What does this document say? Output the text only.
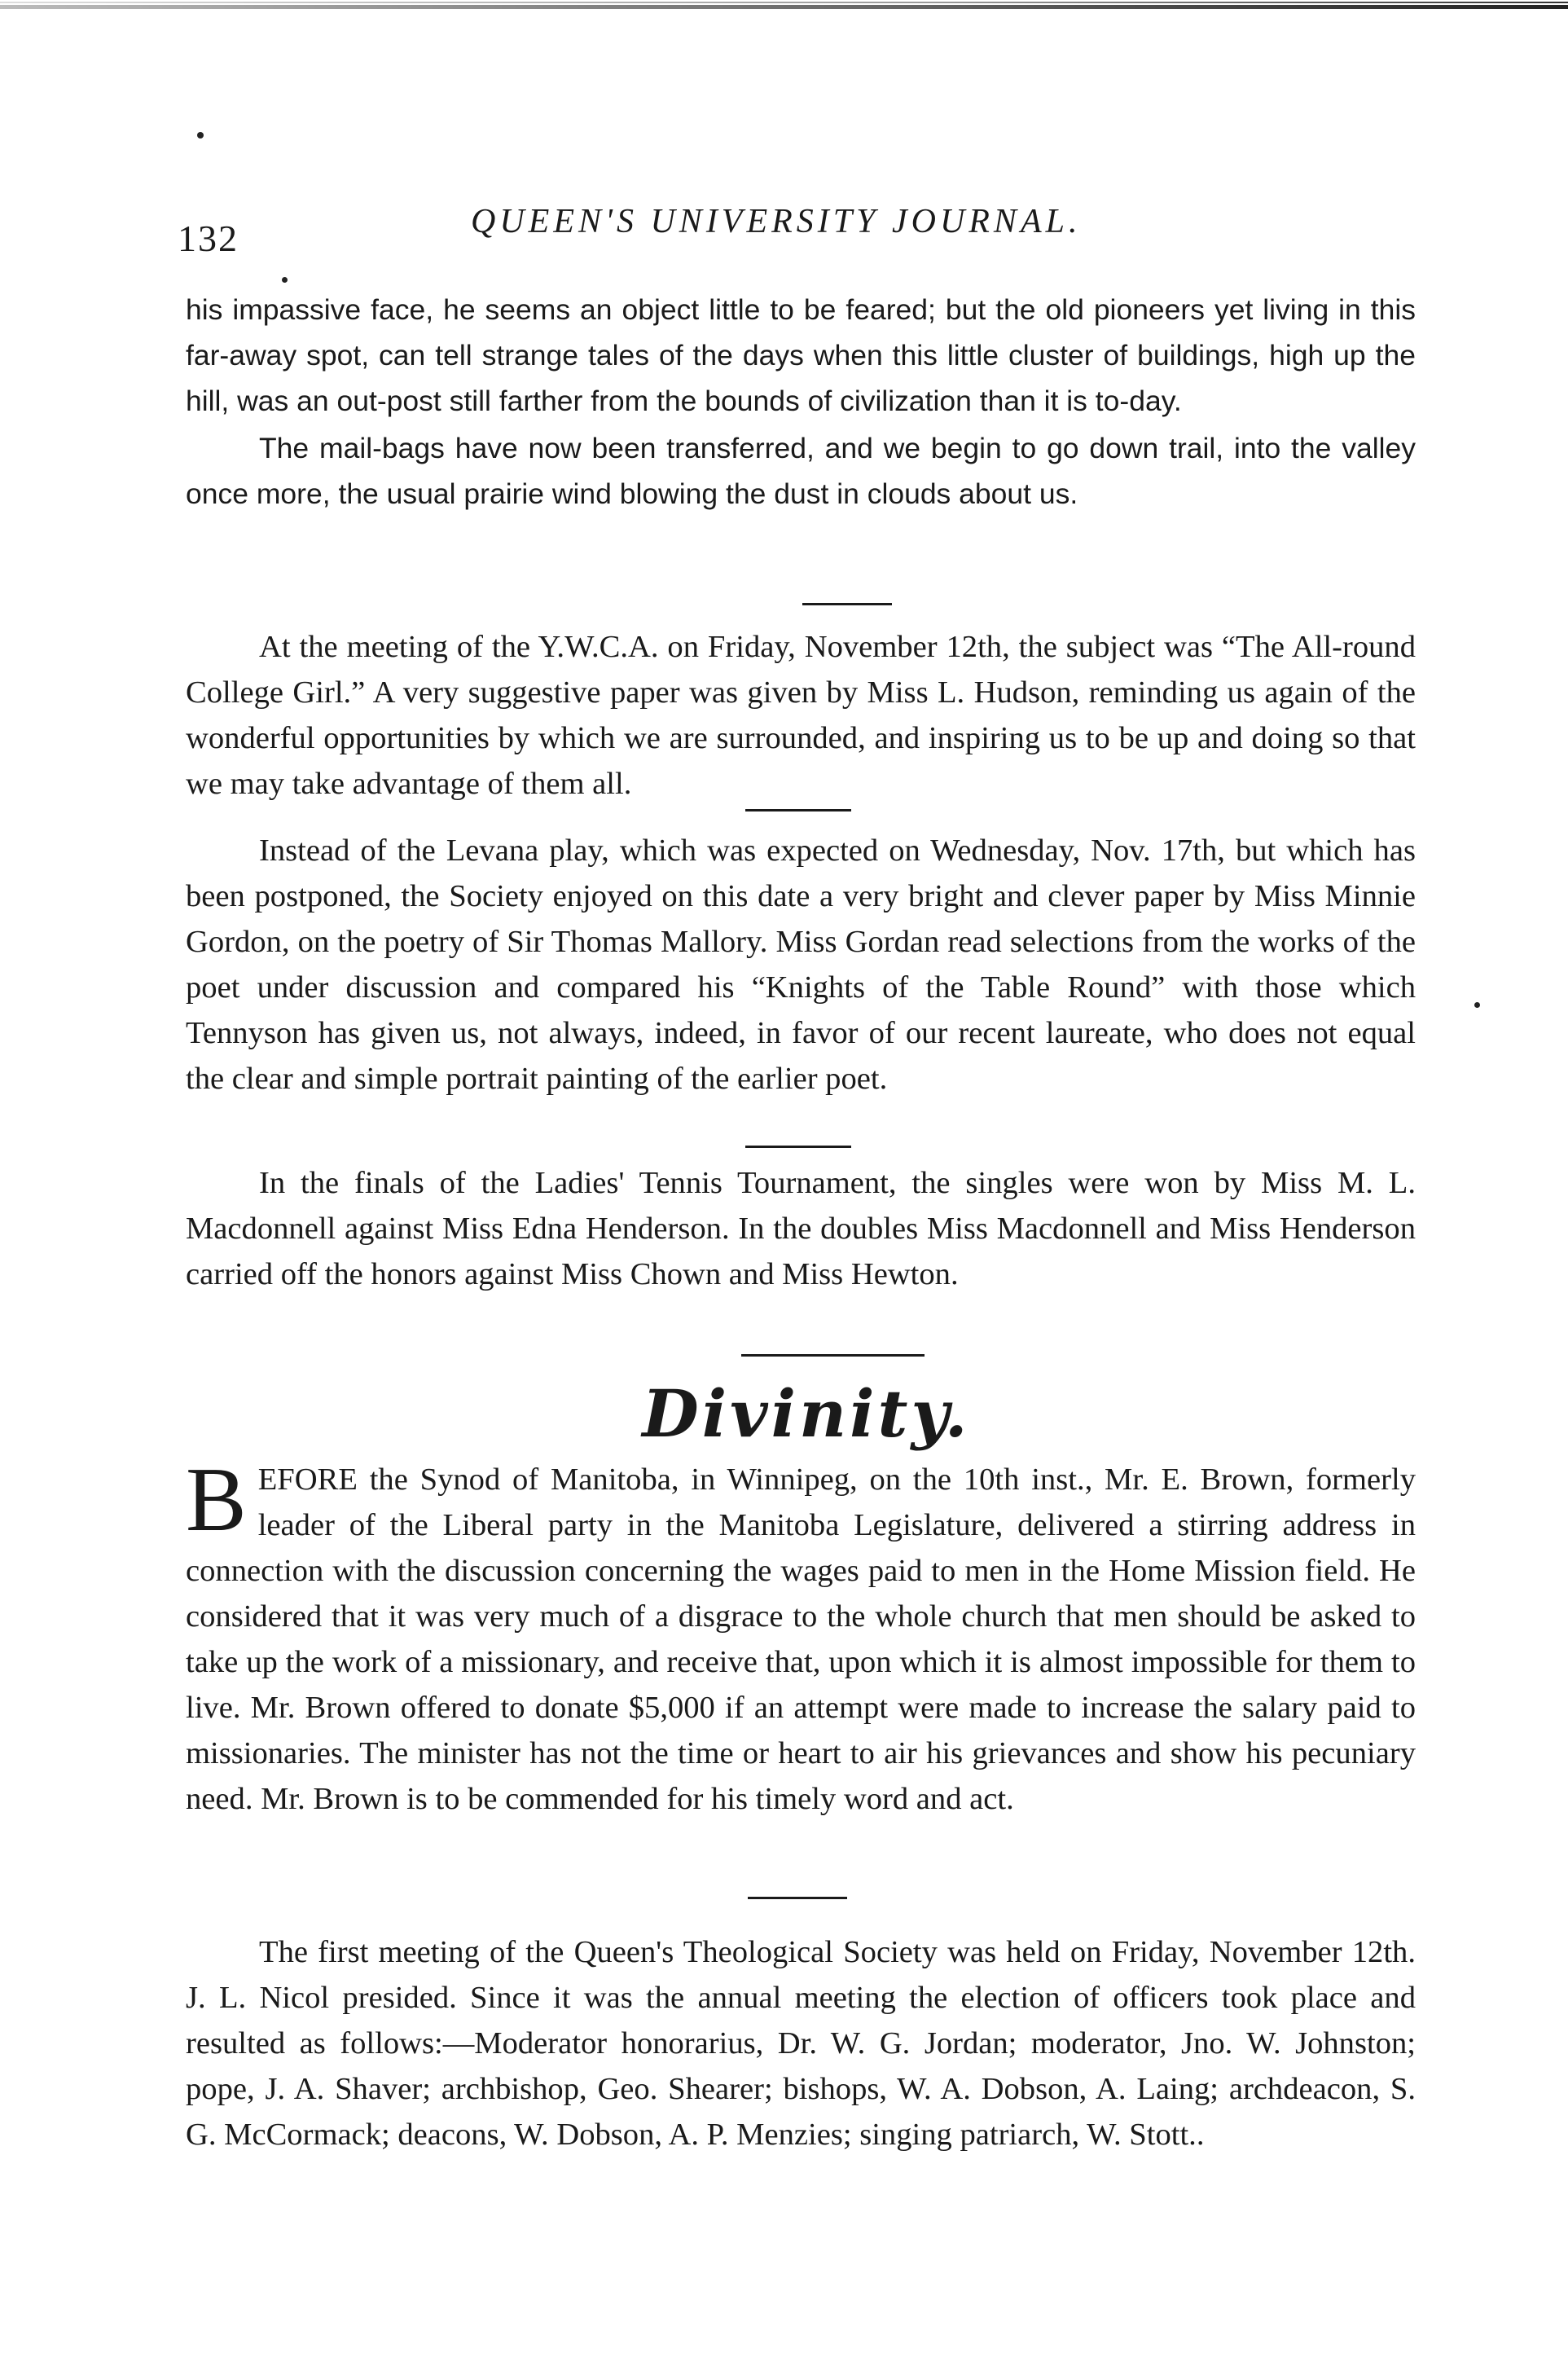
132	QUEEN'S UNIVERSITY JOURNAL.

his impassive face, he seems an object little to be feared; but the old pioneers yet living in this far-away spot, can tell strange tales of the days when this little cluster of buildings, high up the hill, was an out-post still farther from the bounds of civilization than it is to-day.

The mail-bags have now been transferred, and we begin to go down trail, into the valley once more, the usual prairie wind blowing the dust in clouds about us.

At the meeting of the Y.W.C.A. on Friday, November 12th, the subject was “The All-round College Girl.” A very suggestive paper was given by Miss L. Hudson, reminding us again of the wonderful opportunities by which we are surrounded, and inspiring us to be up and doing so that we may take advantage of them all.

Instead of the Levana play, which was expected on Wednesday, Nov. 17th, but which has been postponed, the Society enjoyed on this date a very bright and clever paper by Miss Minnie Gordon, on the poetry of Sir Thomas Mallory. Miss Gordan read selections from the works of the poet under discussion and compared his “Knights of the Table Round” with those which Tennyson has given us, not always, indeed, in favor of our recent laureate, who does not equal the clear and simple portrait painting of the earlier poet.

In the finals of the Ladies' Tennis Tournament, the singles were won by Miss M. L. Macdonnell against Miss Edna Henderson. In the doubles Miss Macdonnell and Miss Henderson carried off the honors against Miss Chown and Miss Hewton.

Divinity.
B EFORE the Synod of Manitoba, in Winnipeg, on the 10th inst., Mr. E. Brown, formerly leader of the Liberal party in the Manitoba Legislature, delivered a stirring address in connection with the discussion concerning the wages paid to men in the Home Mission field. He considered that it was very much of a disgrace to the whole church that men should be asked to take up the work of a missionary, and receive that, upon which it is almost impossible for them to live. Mr. Brown offered to donate $5,000 if an attempt were made to increase the salary paid to missionaries. The minister has not the time or heart to air his grievances and show his pecuniary need. Mr. Brown is to be commended for his timely word and act.

The first meeting of the Queen's Theological Society was held on Friday, November 12th. J. L. Nicol presided. Since it was the annual meeting the election of officers took place and resulted as follows:—Moderator honorarius, Dr. W. G. Jordan; moderator, Jno. W. Johnston; pope, J. A. Shaver; archbishop, Geo. Shearer; bishops, W. A. Dobson, A. Laing; archdeacon, S. G. McCormack; deacons, W. Dobson, A. P. Menzies; singing patriarch, W. Stott..
